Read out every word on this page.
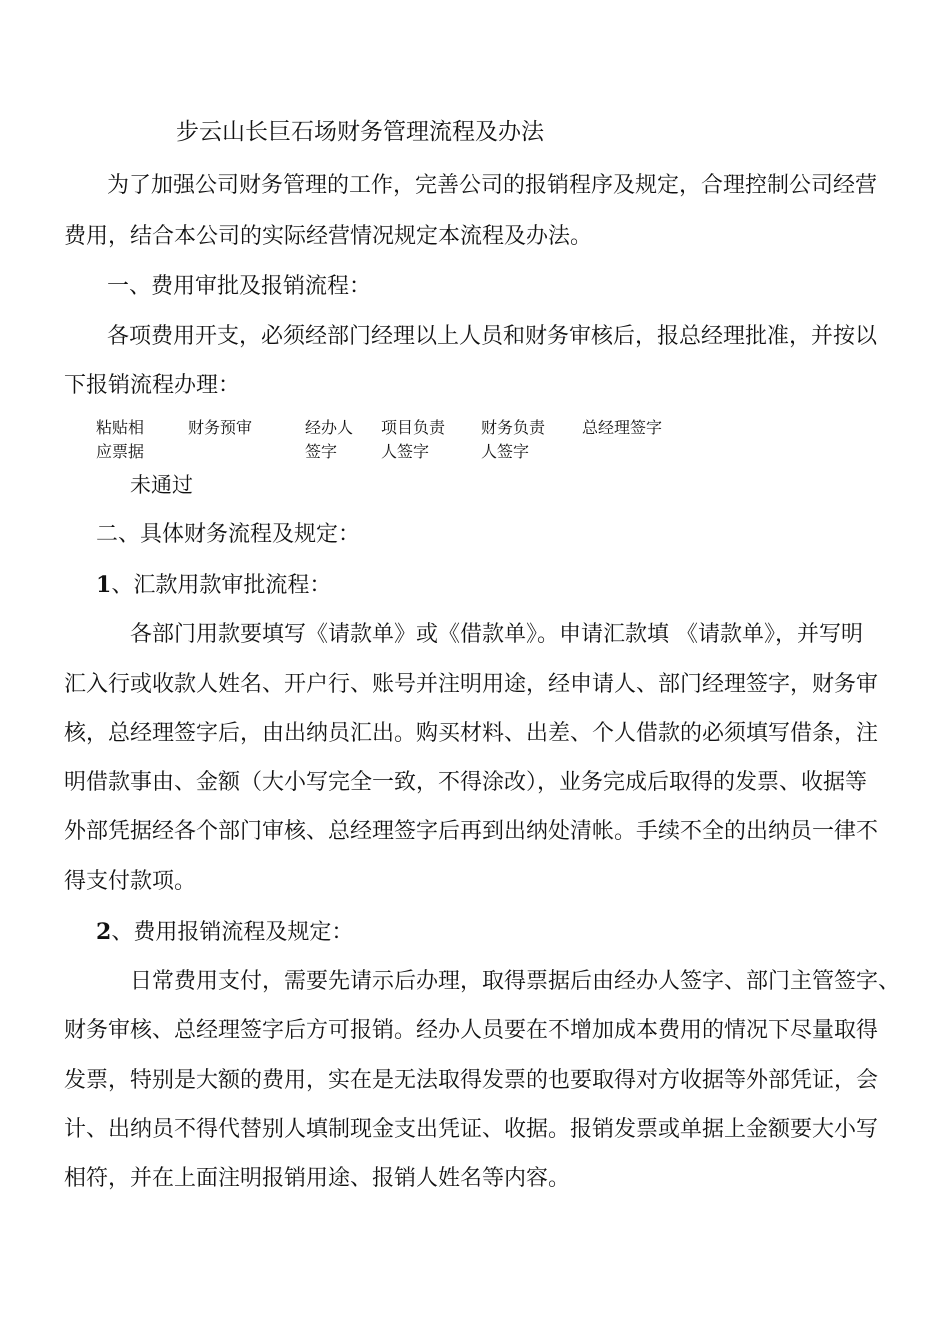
步云山长巨石场财务管理流程及办法
为了加强公司财务管理的工作，完善公司的报销程序及规定，合理控制公司经营
费用，结合本公司的实际经营情况规定本流程及办法。
一、费用审批及报销流程：
各项费用开支，必须经部门经理以上人员和财务审核后，报总经理批准，并按以
下报销流程办理：
粘贴相
应票据
财务预审	经办人
签字
项目负责
人签字
财务负责
人签字
总经理签字
未通过
二、具体财务流程及规定：
1、汇款用款审批流程：
各部门用款要填写《请款单》或《借款单》。申请汇款填 《请款单》，并写明
汇入行或收款人姓名、开户行、账号并注明用途，经申请人、部门经理签字，财务审
核，总经理签字后，由出纳员汇出。购买材料、出差、个人借款的必须填写借条，注
明借款事由、金额（大小写完全一致，不得涂改），业务完成后取得的发票、收据等
外部凭据经各个部门审核、总经理签字后再到出纳处清帐。手续不全的出纳员一律不
得支付款项。
2、费用报销流程及规定：
日常费用支付，需要先请示后办理，取得票据后由经办人签字、部门主管签字、
财务审核、总经理签字后方可报销。经办人员要在不增加成本费用的情况下尽量取得
发票，特别是大额的费用，实在是无法取得发票的也要取得对方收据等外部凭证，会
计、出纳员不得代替别人填制现金支出凭证、收据。报销发票或单据上金额要大小写
相符，并在上面注明报销用途、报销人姓名等内容。
